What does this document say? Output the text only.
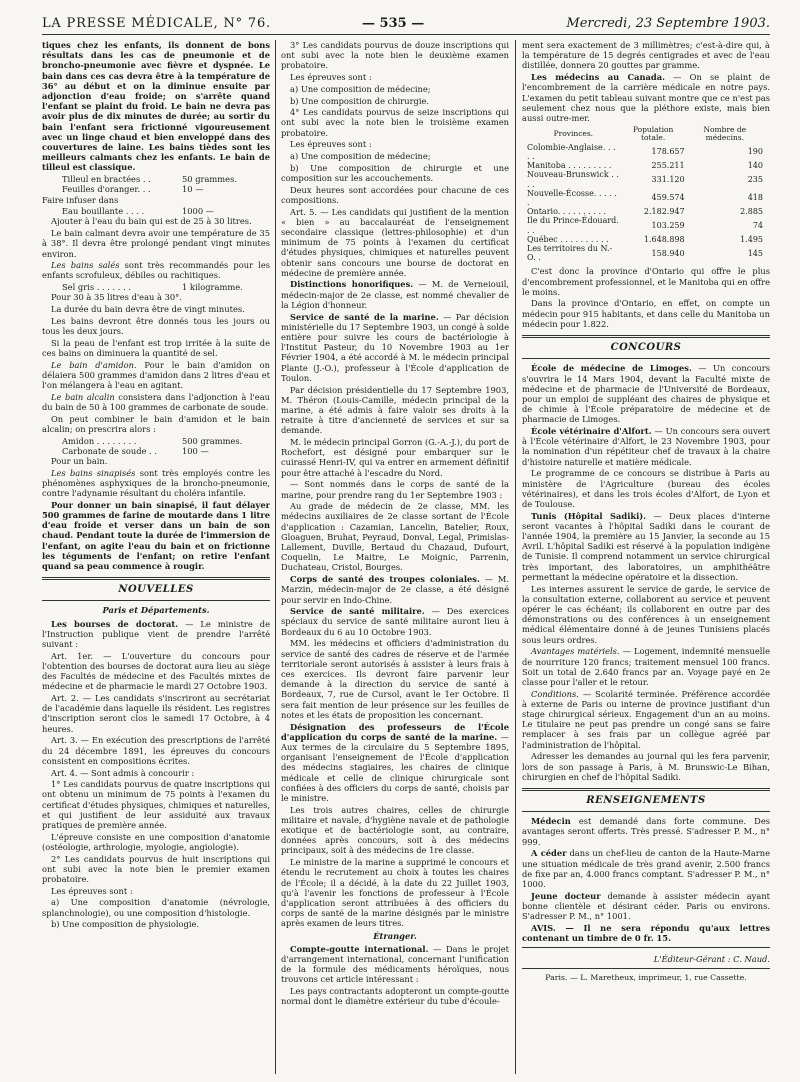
LA PRESSE MÉDICALE, N° 76.	— 535 —	Mercredi, 23 Septembre 1903.

tiques chez les enfants, ils donnent de bons résultats dans les cas de pneumonie et de broncho-pneumonie avec fièvre et dyspnée. Le bain dans ces cas devra être à la température de 36° au début et on la diminue ensuite par adjonction d'eau froide; on s'arrête quand l'enfant se plaint du froid. Le bain ne devra pas avoir plus de dix minutes de durée; au sortir du bain l'enfant sera frictionné vigoureusement avec un linge chaud et bien enveloppé dans des couvertures de laine. Les bains tièdes sont les meilleurs calmants chez les enfants. Le bain de tilleul est classique.

Tilleul en bractées . .	50 grammes.
Feuilles d'oranger. . .	10 —

Faire infuser dans

Eau bouillante . . . .	1000 —

Ajouter à l'eau du bain qui est de 25 à 30 litres.

Le bain calmant devra avoir une température de 35 à 38°. Il devra être prolongé pendant vingt minutes environ.

Les bains salés sont très recommandés pour les enfants scrofuleux, débiles ou rachitiques.

Sel gris . . . . . . .	1 kilogramme.

Pour 30 à 35 litres d'eau à 30°.

La durée du bain devra être de vingt minutes.

Les bains devront être donnés tous les jours ou tous les deux jours.

Si la peau de l'enfant est trop irritée à la suite de ces bains on diminuera la quantité de sel.

Le bain d'amidon. Pour le bain d'amidon on délaiera 500 grammes d'amidon dans 2 litres d'eau et l'on mélangera à l'eau en agitant.

Le bain alcalin consistera dans l'adjonction à l'eau du bain de 50 à 100 grammes de carbonate de soude.

On peut combiner le bain d'amidon et le bain alcalin; on prescrira alors :

Amidon . . . . . . . .	500 grammes.
Carbonate de soude . .	100 —

Pour un bain.

Les bains sinapisés sont très employés contre les phénomènes asphyxiques de la broncho-pneumonie, contre l'adynamie résultant du choléra infantile.

Pour donner un bain sinapisé, il faut délayer 500 grammes de farine de moutarde dans 1 litre d'eau froide et verser dans un bain de son chaud. Pendant toute la durée de l'immersion de l'enfant, on agite l'eau du bain et on frictionne les téguments de l'enfant; on retire l'enfant quand sa peau commence à rougir.

NOUVELLES
Paris et Départements.

Les bourses de doctorat. — Le ministre de l'Instruction publique vient de prendre l'arrêté suivant :

Art. 1er. — L'ouverture du concours pour l'obtention des bourses de doctorat aura lieu au siège des Facultés de médecine et des Facultés mixtes de médecine et de pharmacie le mardi 27 Octobre 1903.

Art. 2. — Les candidats s'inscriront au secrétariat de l'académie dans laquelle ils résident. Les registres d'inscription seront clos le samedi 17 Octobre, à 4 heures.

Art. 3. — En exécution des prescriptions de l'arrêté du 24 décembre 1891, les épreuves du concours consistent en compositions écrites.

Art. 4. — Sont admis à concourir :

1° Les candidats pourvus de quatre inscriptions qui ont obtenu un minimum de 75 points à l'examen du certificat d'études physiques, chimiques et naturelles, et qui justifient de leur assiduité aux travaux pratiques de première année.

L'épreuve consiste en une composition d'anatomie (ostéologie, arthrologie, myologie, angiologie).

2° Les candidats pourvus de huit inscriptions qui ont subi avec la note bien le premier examen probatoire.

Les épreuves sont :

a) Une composition d'anatomie (névrologie, splanchnologie), ou une composition d'histologie.

b) Une composition de physiologie.

3° Les candidats pourvus de douze inscriptions qui ont subi avec la note bien le deuxième examen probatoire.

Les épreuves sont :

a) Une composition de médecine;

b) Une composition de chirurgie.

4° Les candidats pourvus de seize inscriptions qui ont subi avec la note bien le troisième examen probatoire.

Les épreuves sont :

a) Une composition de médecine;

b) Une composition de chirurgie et une composition sur les accouchements.

Deux heures sont accordées pour chacune de ces compositions.

Art. 5. — Les candidats qui justifient de la mention « bien » au baccalauréat de l'enseignement secondaire classique (lettres-philosophie) et d'un minimum de 75 points à l'examen du certificat d'études physiques, chimiques et naturelles peuvent obtenir sans concours une bourse de doctorat en médecine de première année.

Distinctions honorifiques. — M. de Verneiouil, médecin-major de 2e classe, est nommé chevalier de la Légion d'honneur.

Service de santé de la marine. — Par décision ministérielle du 17 Septembre 1903, un congé à solde entière pour suivre les cours de bactériologie à l'Institut Pasteur, du 10 Novembre 1903 au 1er Février 1904, a été accordé à M. le médecin principal Plante (J.-O.), professeur à l'École d'application de Toulon.

Par décision présidentielle du 17 Septembre 1903, M. Théron (Louis-Camille, médecin principal de la marine, a été admis à faire valoir ses droits à la retraite à titre d'ancienneté de services et sur sa demande.

M. le médecin principal Gorron (G.-A.-J.), du port de Rochefort, est désigné pour embarquer sur le cuirassé Henri-IV, qui va entrer en armement définitif pour être attaché à l'escadre du Nord.

— Sont nommés dans le corps de santé de la marine, pour prendre rang du 1er Septembre 1903 :

Au grade de médecin de 2e classe, MM. les médecins auxiliaires de 2e classe sortant de l'École d'application : Cazamian, Lancelin, Batelier, Roux, Gloaguen, Bruhat, Peyraud, Donval, Legal, Primislas-Lallement, Duville, Bertaud du Chazaud, Dufourt, Coquelin, Le Maitre, Le Moignic, Parrenin, Duchateau, Cristol, Bourges.

Corps de santé des troupes coloniales. — M. Marzin, médecin-major de 2e classe, a été désigné pour servir en Indo-Chine.

Service de santé militaire. — Des exercices spéciaux du service de santé militaire auront lieu à Bordeaux du 6 au 10 Octobre 1903.

MM. les médecins et officiers d'administration du service de santé des cadres de réserve et de l'armée territoriale seront autorisés à assister à leurs frais à ces exercices. Ils devront faire parvenir leur demande à la direction du service de santé à Bordeaux, 7, rue de Cursol, avant le 1er Octobre. Il sera fait mention de leur présence sur les feuilles de notes et les états de proposition les concernant.

Désignation des professeurs de l'École d'application du corps de santé de la marine. — Aux termes de la circulaire du 5 Septembre 1895, organisant l'enseignement de l'École d'application des médecins stagiaires, les chaires de clinique médicale et celle de clinique chirurgicale sont confiées à des officiers du corps de santé, choisis par le ministre.

Les trois autres chaires, celles de chirurgie militaire et navale, d'hygiène navale et de pathologie exotique et de bactériologie sont, au contraire, données après concours, soit à des médecins principaux, soit à des médecins de 1re classe.

Le ministre de la marine a supprimé le concours et étendu le recrutement au choix à toutes les chaires de l'École; il a décidé, à la date du 22 Juillet 1903, qu'à l'avenir les fonctions de professeur à l'École d'application seront attribuées à des officiers du corps de santé de la marine désignés par le ministre après examen de leurs titres.

Étranger.

Compte-goutte international. — Dans le projet d'arrangement international, concernant l'unification de la formule des médicaments héroïques, nous trouvons cet article intéressant :

Les pays contractants adopteront un compte-goutte normal dont le diamètre extérieur du tube d'écoule-

ment sera exactement de 3 millimètres; c'est-à-dire qui, à la température de 15 degrés centigrades et avec de l'eau distillée, donnera 20 gouttes par gramme.

Les médecins au Canada. — On se plaint de l'encombrement de la carrière médicale en notre pays. L'examen du petit tableau suivant montre que ce n'est pas seulement chez nous que la pléthore existe, mais bien aussi outre-mer.

Provinces.	Population totale.	Nombre de médecins.
Colombie-Anglaise. . . . .	178.657	190
Manitoba . . . . . . . . .	255.211	140
Nouveau-Brunswick . . . .	331.120	235
Nouvelle-Écosse. . . . . .	459.574	418
Ontario. . . . . . . . . .	2.182.947	2.885
Ile du Prince-Édouard. . .	103.259	74
Québec . . . . . . . . . .	1.648.898	1.495
Les territoires du N.-O. .	158.940	145

C'est donc la province d'Ontario qui offre le plus d'encombrement professionnel, et le Manitoba qui en offre le moins.

Dans la province d'Ontario, en effet, on compte un médecin pour 915 habitants, et dans celle du Manitoba un médecin pour 1.822.

CONCOURS

École de médecine de Limoges. — Un concours s'ouvrira le 14 Mars 1904, devant la Faculté mixte de médecine et de pharmacie de l'Université de Bordeaux, pour un emploi de suppléant des chaires de physique et de chimie à l'École préparatoire de médecine et de pharmacie de Limoges.

École vétérinaire d'Alfort. — Un concours sera ouvert à l'École vétérinaire d'Alfort, le 23 Novembre 1903, pour la nomination d'un répétiteur chef de travaux à la chaire d'histoire naturelle et matière médicale.

Le programme de ce concours se distribue à Paris au ministère de l'Agriculture (bureau des écoles vétérinaires), et dans les trois écoles d'Alfort, de Lyon et de Toulouse.

Tunis (Hôpital Sadiki). — Deux places d'interne seront vacantes à l'hôpital Sadiki dans le courant de l'année 1904, la première au 15 Janvier, la seconde au 15 Avril. L'hôpital Sadiki est réservé à la population indigène de Tunisie. Il comprend notamment un service chirurgical très important, des laboratoires, un amphithéâtre permettant la médecine opératoire et la dissection.

Les internes assurent le service de garde, le service de la consultation externe, collaborent au service et peuvent opérer le cas échéant; ils collaborent en outre par des démonstrations ou des conférences à un enseignement médical élémentaire donné à de jeunes Tunisiens placés sous leurs ordres.

Avantages matériels. — Logement, indemnité mensuelle de nourriture 120 francs; traitement mensuel 100 francs. Soit un total de 2.640 francs par an. Voyage payé en 2e classe pour l'aller et le retour.

Conditions. — Scolarité terminée. Préférence accordée à externe de Paris ou interne de province justifiant d'un stage chirurgical sérieux. Engagement d'un an au moins. Le titulaire ne peut pas prendre un congé sans se faire remplacer à ses frais par un collègue agréé par l'administration de l'hôpital.

Adresser les demandes au journal qui les fera parvenir, lors de son passage à Paris, à M. Brunswic-Le Bihan, chirurgien en chef de l'hôpital Sadiki.

RENSEIGNEMENTS

Médecin est demandé dans forte commune. Des avantages seront offerts. Très pressé. S'adresser P. M., n° 999.

A céder dans un chef-lieu de canton de la Haute-Marne une situation médicale de très grand avenir, 2.500 francs de fixe par an, 4.000 francs comptant. S'adresser P. M., n° 1000.

Jeune docteur demande à assister médecin ayant bonne clientèle et désirant céder. Paris ou environs. S'adresser P. M., n° 1001.

AVIS. — Il ne sera répondu qu'aux lettres contenant un timbre de 0 fr. 15.

L'Éditeur-Gérant : C. Naud.
Paris. — L. Maretheux, imprimeur, 1, rue Cassette.
